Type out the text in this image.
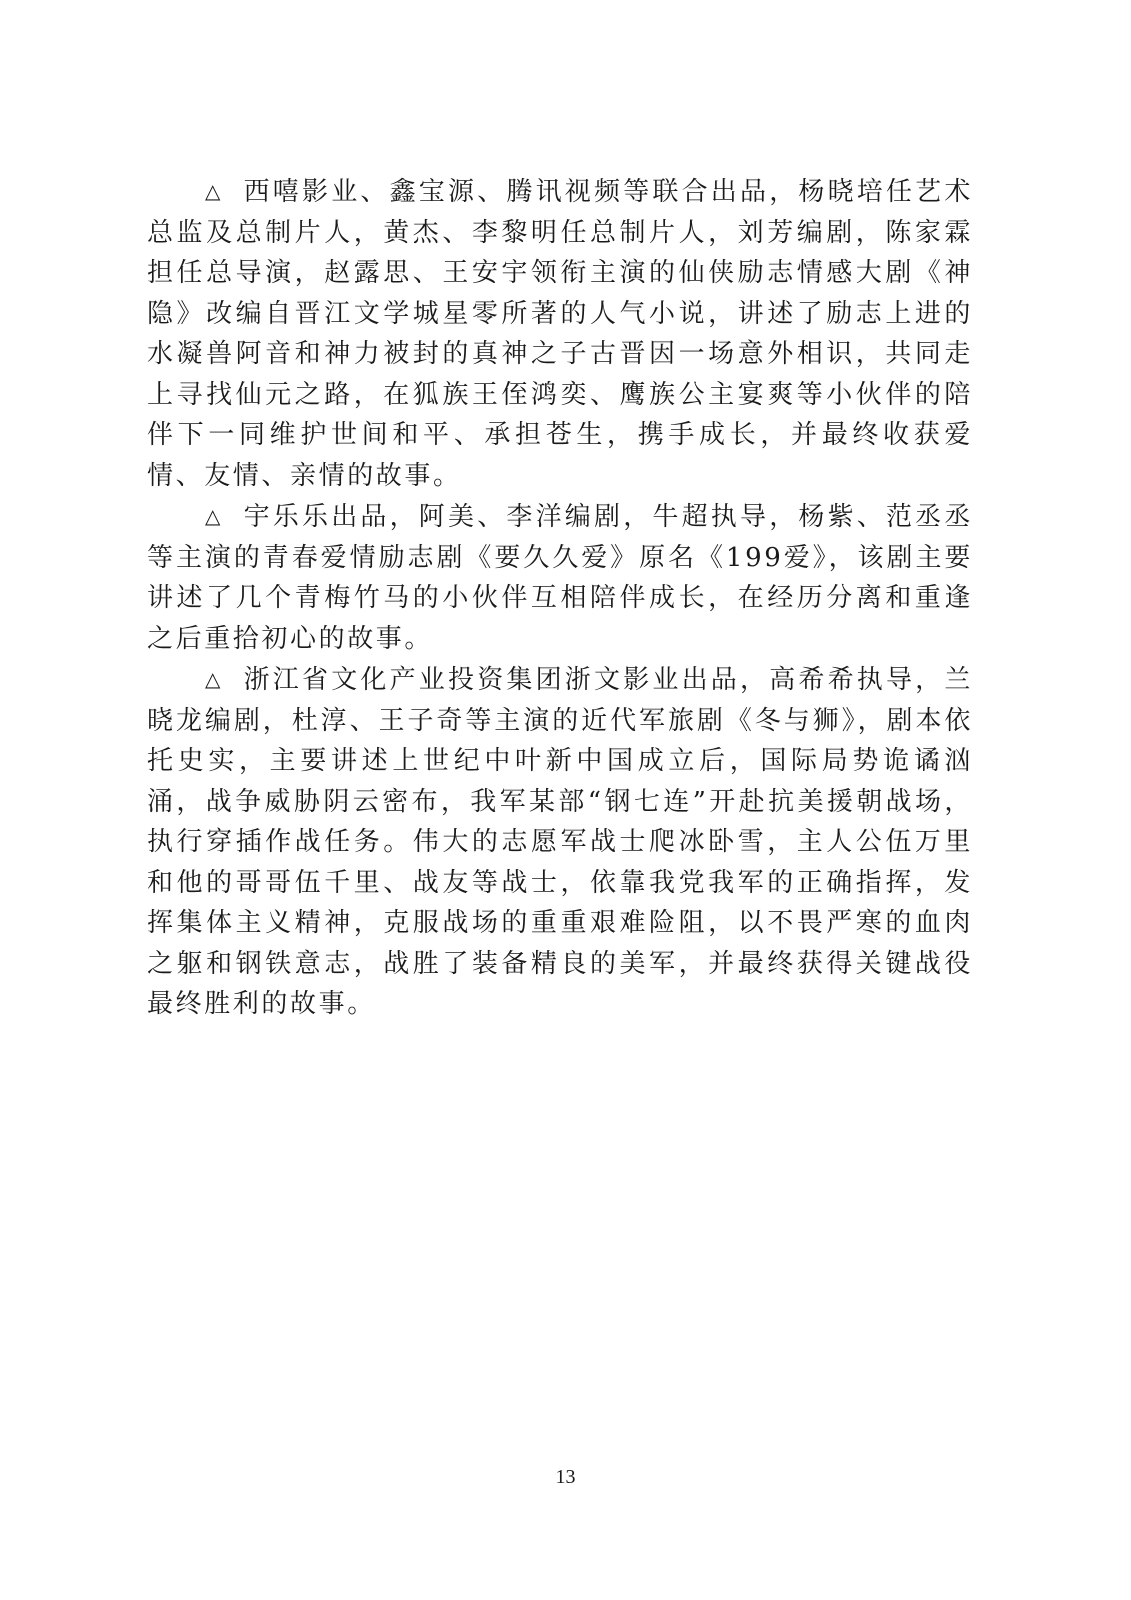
△ 西嘻影业、鑫宝源、腾讯视频等联合出品，杨晓培任艺术总监及总制片人，黄杰、李黎明任总制片人，刘芳编剧，陈家霖担任总导演，赵露思、王安宇领衔主演的仙侠励志情感大剧《神隐》改编自晋江文学城星零所著的人气小说，讲述了励志上进的水凝兽阿音和神力被封的真神之子古晋因一场意外相识，共同走上寻找仙元之路，在狐族王侄鸿奕、鹰族公主宴爽等小伙伴的陪伴下一同维护世间和平、承担苍生，携手成长，并最终收获爱情、友情、亲情的故事。

△ 宇乐乐出品，阿美、李洋编剧，牛超执导，杨紫、范丞丞等主演的青春爱情励志剧《要久久爱》原名《199爱》，该剧主要讲述了几个青梅竹马的小伙伴互相陪伴成长，在经历分离和重逢之后重拾初心的故事。

△ 浙江省文化产业投资集团浙文影业出品，高希希执导，兰晓龙编剧，杜淳、王子奇等主演的近代军旅剧《冬与狮》，剧本依托史实，主要讲述上世纪中叶新中国成立后，国际局势诡谲汹涌，战争威胁阴云密布，我军某部“钢七连”开赴抗美援朝战场，执行穿插作战任务。伟大的志愿军战士爬冰卧雪，主人公伍万里和他的哥哥伍千里、战友等战士，依靠我党我军的正确指挥，发挥集体主义精神，克服战场的重重艰难险阻，以不畏严寒的血肉之躯和钢铁意志，战胜了装备精良的美军，并最终获得关键战役最终胜利的故事。

13
